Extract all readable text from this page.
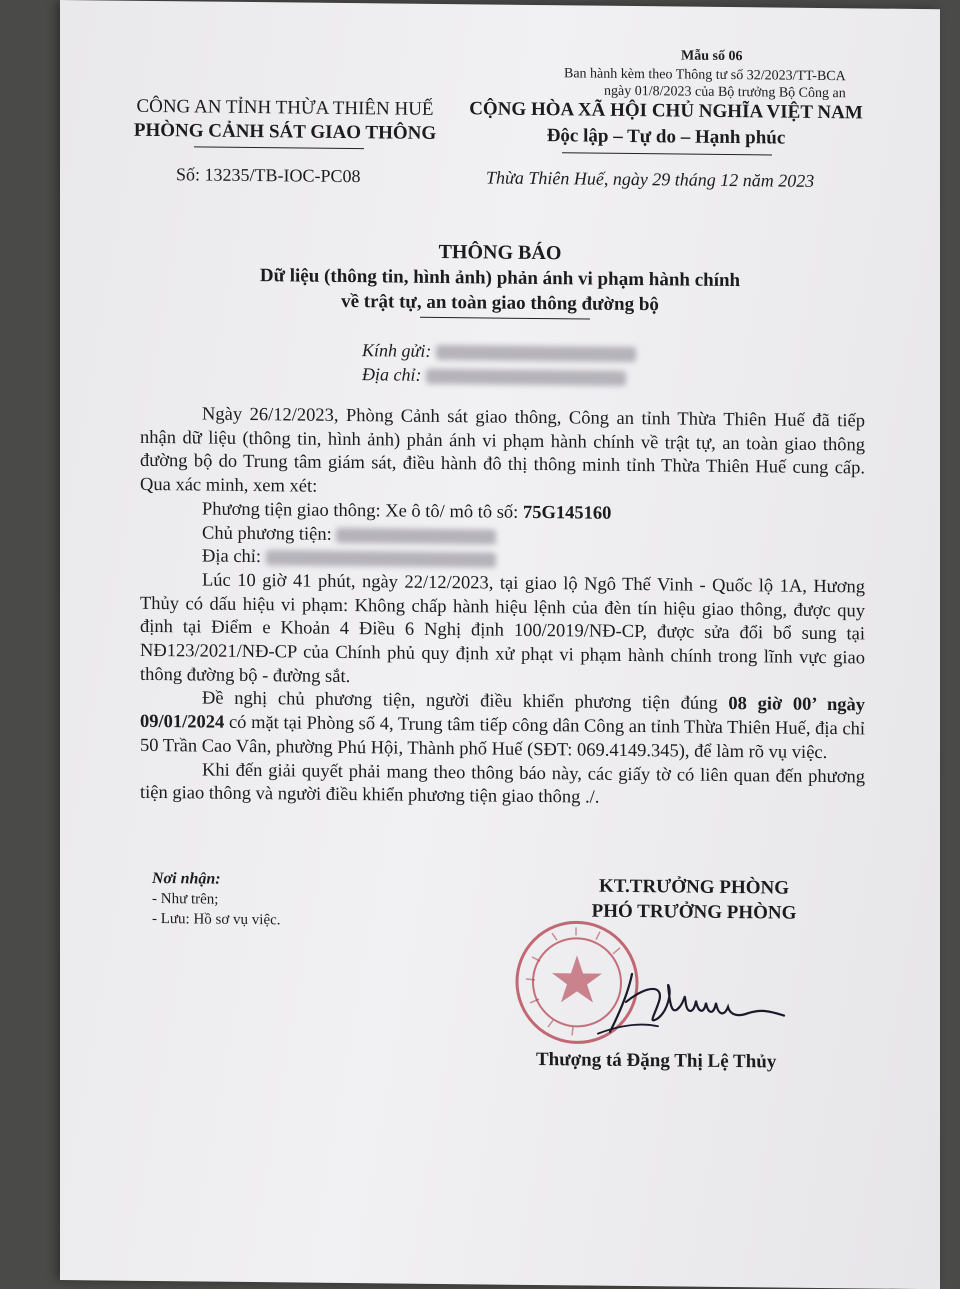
Mẫu số 06
Ban hành kèm theo Thông tư số 32/2023/TT-BCA
ngày 01/8/2023 của Bộ trưởng Bộ Công an
CÔNG AN TỈNH THỪA THIÊN HUẾ
PHÒNG CẢNH SÁT GIAO THÔNG
CỘNG HÒA XÃ HỘI CHỦ NGHĨA VIỆT NAM
Độc lập – Tự do – Hạnh phúc
Số: 13235/TB-IOC-PC08	Thừa Thiên Huế, ngày 29 tháng 12 năm 2023
THÔNG BÁO
Dữ liệu (thông tin, hình ảnh) phản ánh vi phạm hành chính
về trật tự, an toàn giao thông đường bộ
Kính gửi:
Địa chỉ:

Ngày 26/12/2023, Phòng Cảnh sát giao thông, Công an tỉnh Thừa Thiên Huế đã tiếp nhận dữ liệu (thông tin, hình ảnh) phản ánh vi phạm hành chính về trật tự, an toàn giao thông đường bộ do Trung tâm giám sát, điều hành đô thị thông minh tỉnh Thừa Thiên Huế cung cấp. Qua xác minh, xem xét:

Phương tiện giao thông: Xe ô tô/ mô tô số: 75G145160

Chủ phương tiện:

Địa chỉ:

Lúc 10 giờ 41 phút, ngày 22/12/2023, tại giao lộ Ngô Thế Vinh - Quốc lộ 1A, Hương Thủy có dấu hiệu vi phạm: Không chấp hành hiệu lệnh của đèn tín hiệu giao thông, được quy định tại Điểm e Khoản 4 Điều 6 Nghị định 100/2019/NĐ-CP, được sửa đổi bổ sung tại NĐ123/2021/NĐ-CP của Chính phủ quy định xử phạt vi phạm hành chính trong lĩnh vực giao thông đường bộ - đường sắt.

Đề nghị chủ phương tiện, người điều khiển phương tiện đúng 08 giờ 00’ ngày 09/01/2024 có mặt tại Phòng số 4, Trung tâm tiếp công dân Công an tỉnh Thừa Thiên Huế, địa chỉ 50 Trần Cao Vân, phường Phú Hội, Thành phố Huế (SĐT: 069.4149.345), để làm rõ vụ việc.

Khi đến giải quyết phải mang theo thông báo này, các giấy tờ có liên quan đến phương tiện giao thông và người điều khiển phương tiện giao thông ./.

Nơi nhận:
- Như trên;
- Lưu: Hồ sơ vụ việc.
KT.TRƯỞNG PHÒNG
PHÓ TRƯỞNG PHÒNG
Thượng tá Đặng Thị Lệ Thủy
